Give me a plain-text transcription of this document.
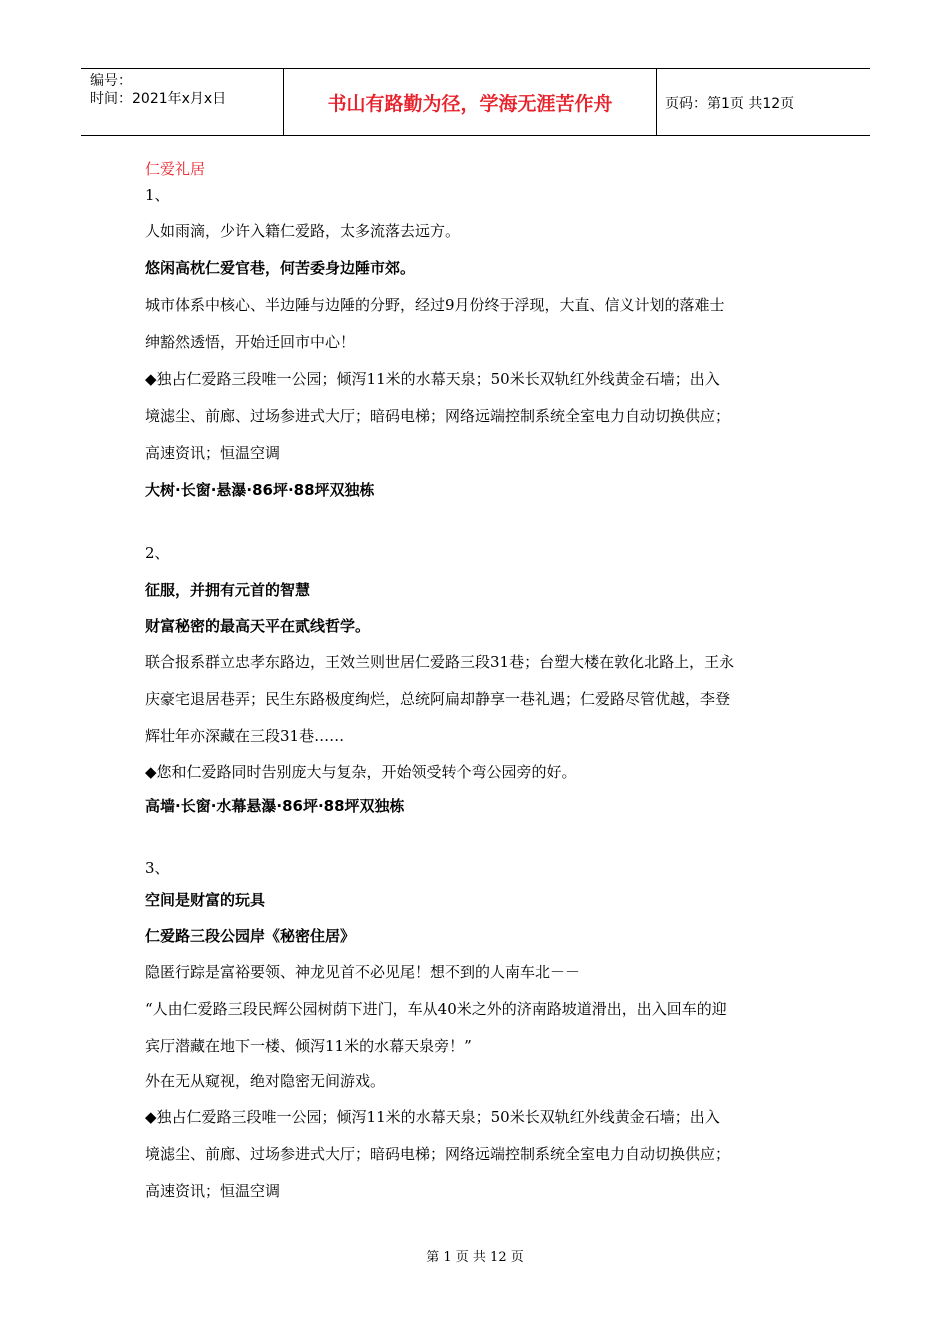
编号：
时间：2021年x月x日	书山有路勤为径，学海无涯苦作舟	页码：第1页 共12页

仁爱礼居

1、

人如雨滴，少许入籍仁爱路，太多流落去远方。

悠闲高枕仁爱官巷，何苦委身边陲市郊。

城市体系中核心、半边陲与边陲的分野，经过9月份终于浮现，大直、信义计划的落难士

绅豁然透悟，开始迁回市中心！

◆独占仁爱路三段唯一公园；倾泻11米的水幕天泉；50米长双轨红外线黄金石墙；出入

境滤尘、前廊、过场参进式大厅；暗码电梯；网络远端控制系统全室电力自动切换供应；

高速资讯；恒温空调

大树·长窗·悬瀑·86坪·88坪双独栋

2、

征服，并拥有元首的智慧

财富秘密的最高天平在贰线哲学。

联合报系群立忠孝东路边，王效兰则世居仁爱路三段31巷；台塑大楼在敦化北路上，王永

庆豪宅退居巷弄；民生东路极度绚烂，总统阿扁却静享一巷礼遇；仁爱路尽管优越，李登

辉壮年亦深藏在三段31巷……

◆您和仁爱路同时告别庞大与复杂，开始领受转个弯公园旁的好。

高墙·长窗·水幕悬瀑·86坪·88坪双独栋

3、

空间是财富的玩具

仁爱路三段公园岸《秘密住居》

隐匿行踪是富裕要领、神龙见首不必见尾！想不到的人南车北－－

“人由仁爱路三段民辉公园树荫下进门，车从40米之外的济南路坡道滑出，出入回车的迎

宾厅潜藏在地下一楼、倾泻11米的水幕天泉旁！”

外在无从窥视，绝对隐密无间游戏。

◆独占仁爱路三段唯一公园；倾泻11米的水幕天泉；50米长双轨红外线黄金石墙；出入

境滤尘、前廊、过场参进式大厅；暗码电梯；网络远端控制系统全室电力自动切换供应；

高速资讯；恒温空调

第 1 页 共 12 页
